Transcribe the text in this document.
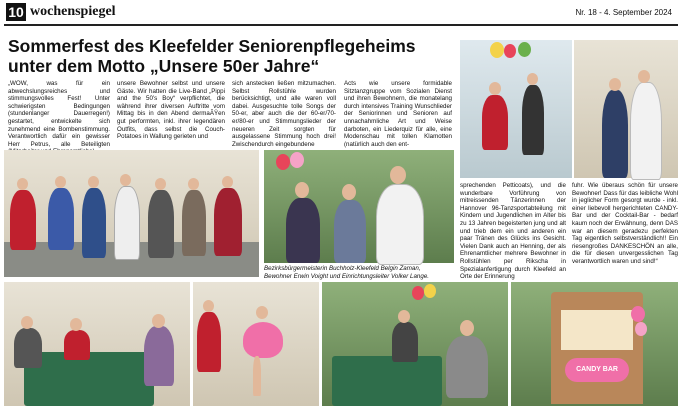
10 wochenspiegel	Nr. 18 - 4. September 2024
Sommerfest des Kleefelder Seniorenpflegeheims
unter dem Motto „Unsere 50er Jahre“

„WOW, was für ein abwechslungsreiches und stimmungsvolles Fest! Unter schwierigsten Bedingungen (stundenlanger Dauerregen!) gestartet, entwickelte sich zunehmend eine Bombenstimmung. Verantwortlich dafür ein gewisser Herr Petrus, alle Beteiligten

unsere Bewohner selbst und unsere Gäste. Wir hatten die Live-Band „Pippi and the 50’s Boy“ verpflichtet, die während ihrer diversen Auftritte vom Mittag bis in den Abend dermaÃŸen gut performten, inkl. ihrer legendären Outfits, dass selbst die Couch-Potatoes in Wallung gerieten und

sich anstecken ließen mitzumachen. Selbst Rollstühle wurden berücksichtigt, und alle waren voll dabei. Ausgesuchte tolle Songs der 50-er, aber auch die der 60-er/70-er/80-er und Stimmungslieder der neueren Zeit sorgten für ausgelassene Stimmung hoch drei! Zwischendurch eingebundene

Acts wie unsere formidable Sitztanzgruppe vom Sozialen Dienst und ihren Bewohnern, die monatelang durch intensives Training Wunschlieder der Seniorinnen und Senioren auf unnachahmliche Art und Weise darboten, ein Liederquiz für alle, eine Modenschau mit tollen Klamotten (natürlich auch den ent-

Bezirksbürgermeisterin Buchholz-Kleefeld Belgin Zaman,
Bewohner Erwin Voight und Einrichtungsleiter Volker Lange.

sprechenden Petticoats), und die wunderbare Vorführung von mitreissenden Tänzerinnen der Hannover 96-Tanzsportabteilung mit Kindern und Jugendlichen im Alter bis zu 13 Jahren begeisterten jung und alt und trieb dem ein und anderen ein paar Tränen des Glücks ins Gesicht. Vielen Dank auch an Henning, der als Ehrenamtlicher mehrere Bewohner in Rollstühlen per Rikscha in Spezialanfertigung durch Kleefeld an Orte der Erinnerung

fuhr. Wie überaus schön für unsere Bewohner! Dass für das leibliche Wohl in jeglicher Form gesorgt wurde - inkl. einer liebevoll hergerichteten CANDY-Bar und der Cocktail-Bar - bedarf kaum noch der Erwähnung, denn DAS war an diesem geradezu perfekten Tag eigentlich selbstverständlich!! Ein riesengroßes DANKESCHÖN an alle, die für diesen unvergesslichen Tag verantwortlich waren und sind!“

CANDY BAR
